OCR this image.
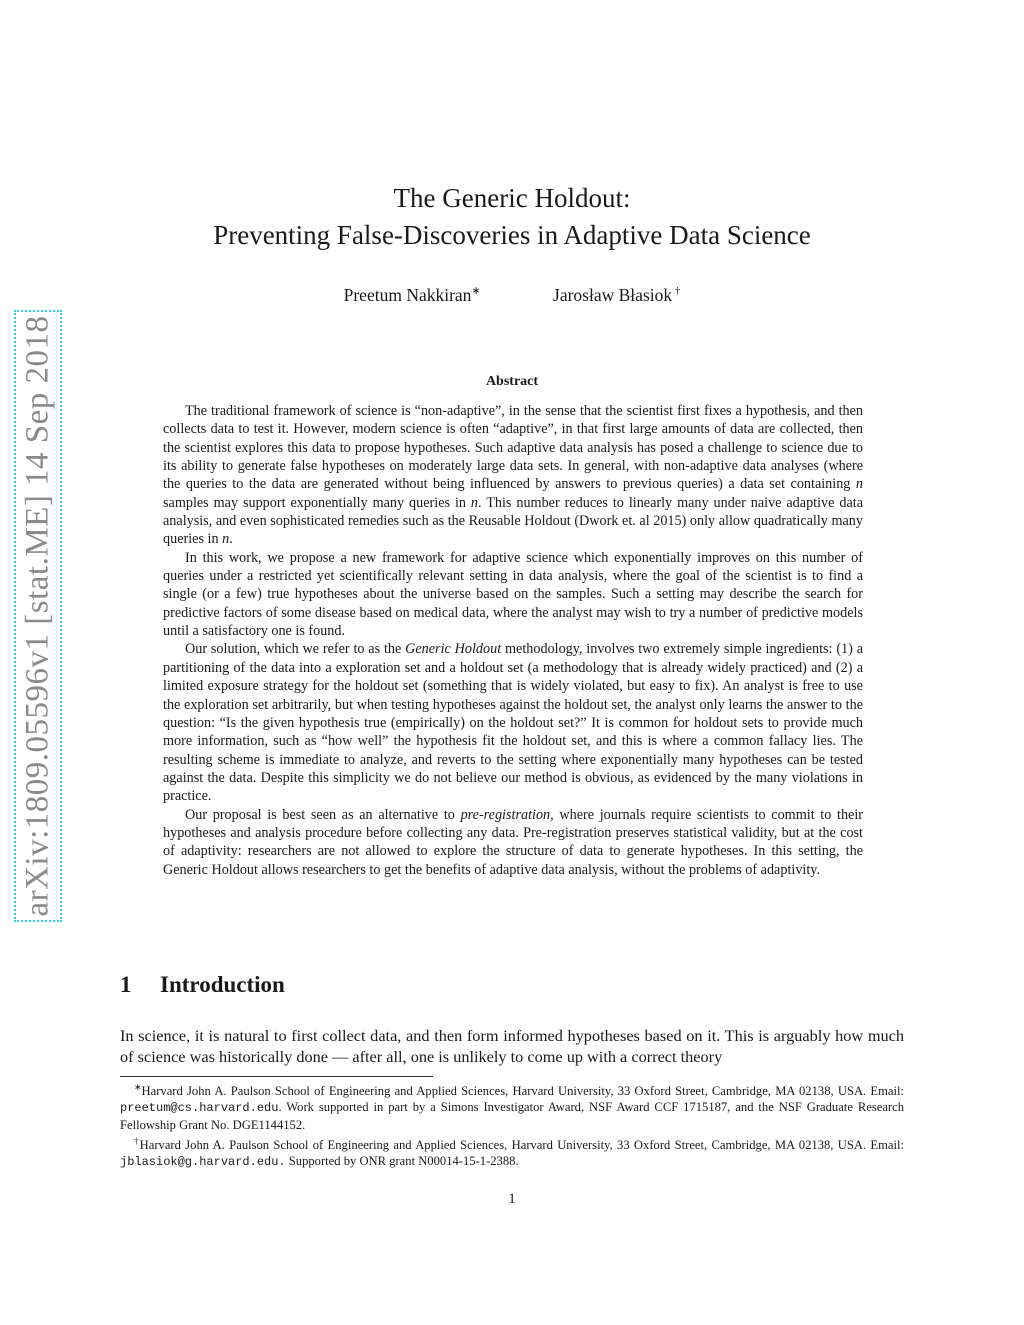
arXiv:1809.05596v1 [stat.ME] 14 Sep 2018
The Generic Holdout:
Preventing False-Discoveries in Adaptive Data Science
Preetum Nakkiran∗	Jarosław Błasiok †
Abstract

The traditional framework of science is “non-adaptive”, in the sense that the scientist first fixes a hypothesis, and then collects data to test it. However, modern science is often “adaptive”, in that first large amounts of data are collected, then the scientist explores this data to propose hypotheses. Such adaptive data analysis has posed a challenge to science due to its ability to generate false hypotheses on moderately large data sets. In general, with non-adaptive data analyses (where the queries to the data are generated without being influenced by answers to previous queries) a data set containing n samples may support exponentially many queries in n. This number reduces to linearly many under naive adaptive data analysis, and even sophisticated remedies such as the Reusable Holdout (Dwork et. al 2015) only allow quadratically many queries in n.

In this work, we propose a new framework for adaptive science which exponentially improves on this number of queries under a restricted yet scientifically relevant setting in data analysis, where the goal of the scientist is to find a single (or a few) true hypotheses about the universe based on the samples. Such a setting may describe the search for predictive factors of some disease based on medical data, where the analyst may wish to try a number of predictive models until a satisfactory one is found.

Our solution, which we refer to as the Generic Holdout methodology, involves two extremely simple ingredients: (1) a partitioning of the data into a exploration set and a holdout set (a methodology that is already widely practiced) and (2) a limited exposure strategy for the holdout set (something that is widely violated, but easy to fix). An analyst is free to use the exploration set arbitrarily, but when testing hypotheses against the holdout set, the analyst only learns the answer to the question: “Is the given hypothesis true (empirically) on the holdout set?” It is common for holdout sets to provide much more information, such as “how well” the hypothesis fit the holdout set, and this is where a common fallacy lies. The resulting scheme is immediate to analyze, and reverts to the setting where exponentially many hypotheses can be tested against the data. Despite this simplicity we do not believe our method is obvious, as evidenced by the many violations in practice.

Our proposal is best seen as an alternative to pre-registration, where journals require scientists to commit to their hypotheses and analysis procedure before collecting any data. Pre-registration preserves statistical validity, but at the cost of adaptivity: researchers are not allowed to explore the structure of data to generate hypotheses. In this setting, the Generic Holdout allows researchers to get the benefits of adaptive data analysis, without the problems of adaptivity.

1 Introduction

In science, it is natural to first collect data, and then form informed hypotheses based on it. This is arguably how much of science was historically done — after all, one is unlikely to come up with a correct theory

∗Harvard John A. Paulson School of Engineering and Applied Sciences, Harvard University, 33 Oxford Street, Cambridge, MA 02138, USA. Email: preetum@cs.harvard.edu. Work supported in part by a Simons Investigator Award, NSF Award CCF 1715187, and the NSF Graduate Research Fellowship Grant No. DGE1144152.

†Harvard John A. Paulson School of Engineering and Applied Sciences, Harvard University, 33 Oxford Street, Cambridge, MA 02138, USA. Email: jblasiok@g.harvard.edu. Supported by ONR grant N00014-15-1-2388.

1
